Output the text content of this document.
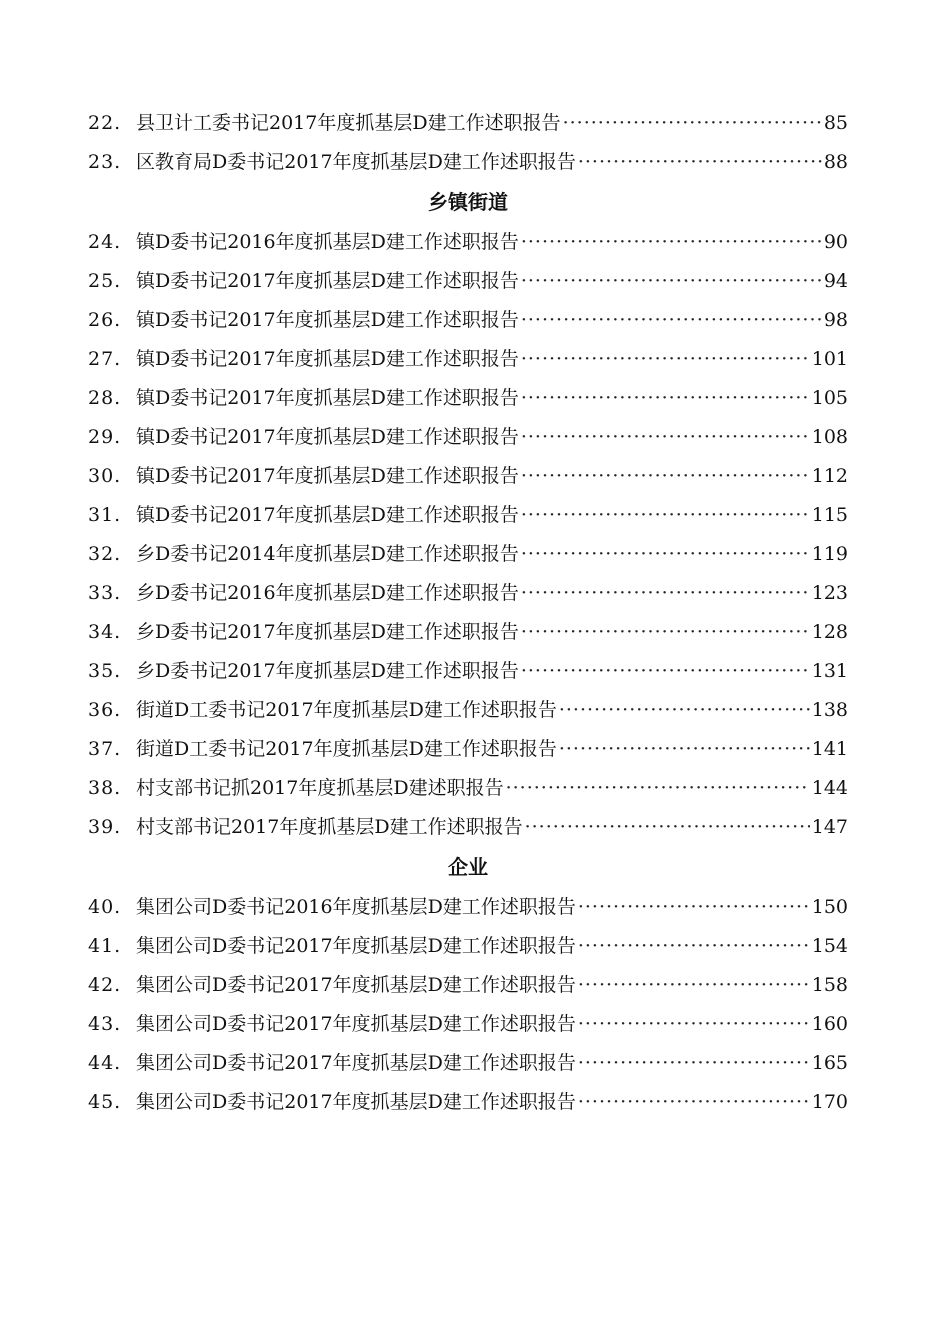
22. 县卫计工委书记2017年度抓基层D建工作述职报告 ·····	85
23. 区教育局D委书记2017年度抓基层D建工作述职报告 ·····	88
乡镇街道
24. 镇D委书记2016年度抓基层D建工作述职报告 ·····	90
25. 镇D委书记2017年度抓基层D建工作述职报告 ·····	94
26. 镇D委书记2017年度抓基层D建工作述职报告 ·····	98
27. 镇D委书记2017年度抓基层D建工作述职报告 ·····	101
28. 镇D委书记2017年度抓基层D建工作述职报告 ·····	105
29. 镇D委书记2017年度抓基层D建工作述职报告 ·····	108
30. 镇D委书记2017年度抓基层D建工作述职报告 ·····	112
31. 镇D委书记2017年度抓基层D建工作述职报告 ·····	115
32. 乡D委书记2014年度抓基层D建工作述职报告 ·····	119
33. 乡D委书记2016年度抓基层D建工作述职报告 ·····	123
34. 乡D委书记2017年度抓基层D建工作述职报告 ·····	128
35. 乡D委书记2017年度抓基层D建工作述职报告 ·····	131
36. 街道D工委书记2017年度抓基层D建工作述职报告 ·····	138
37. 街道D工委书记2017年度抓基层D建工作述职报告 ·····	141
38. 村支部书记抓2017年度抓基层D建述职报告 ·····	144
39. 村支部书记2017年度抓基层D建工作述职报告 ·····	147
企业
40. 集团公司D委书记2016年度抓基层D建工作述职报告 ·····	150
41. 集团公司D委书记2017年度抓基层D建工作述职报告 ·····	154
42. 集团公司D委书记2017年度抓基层D建工作述职报告 ·····	158
43. 集团公司D委书记2017年度抓基层D建工作述职报告 ·····	160
44. 集团公司D委书记2017年度抓基层D建工作述职报告 ·····	165
45. 集团公司D委书记2017年度抓基层D建工作述职报告 ·····	170
